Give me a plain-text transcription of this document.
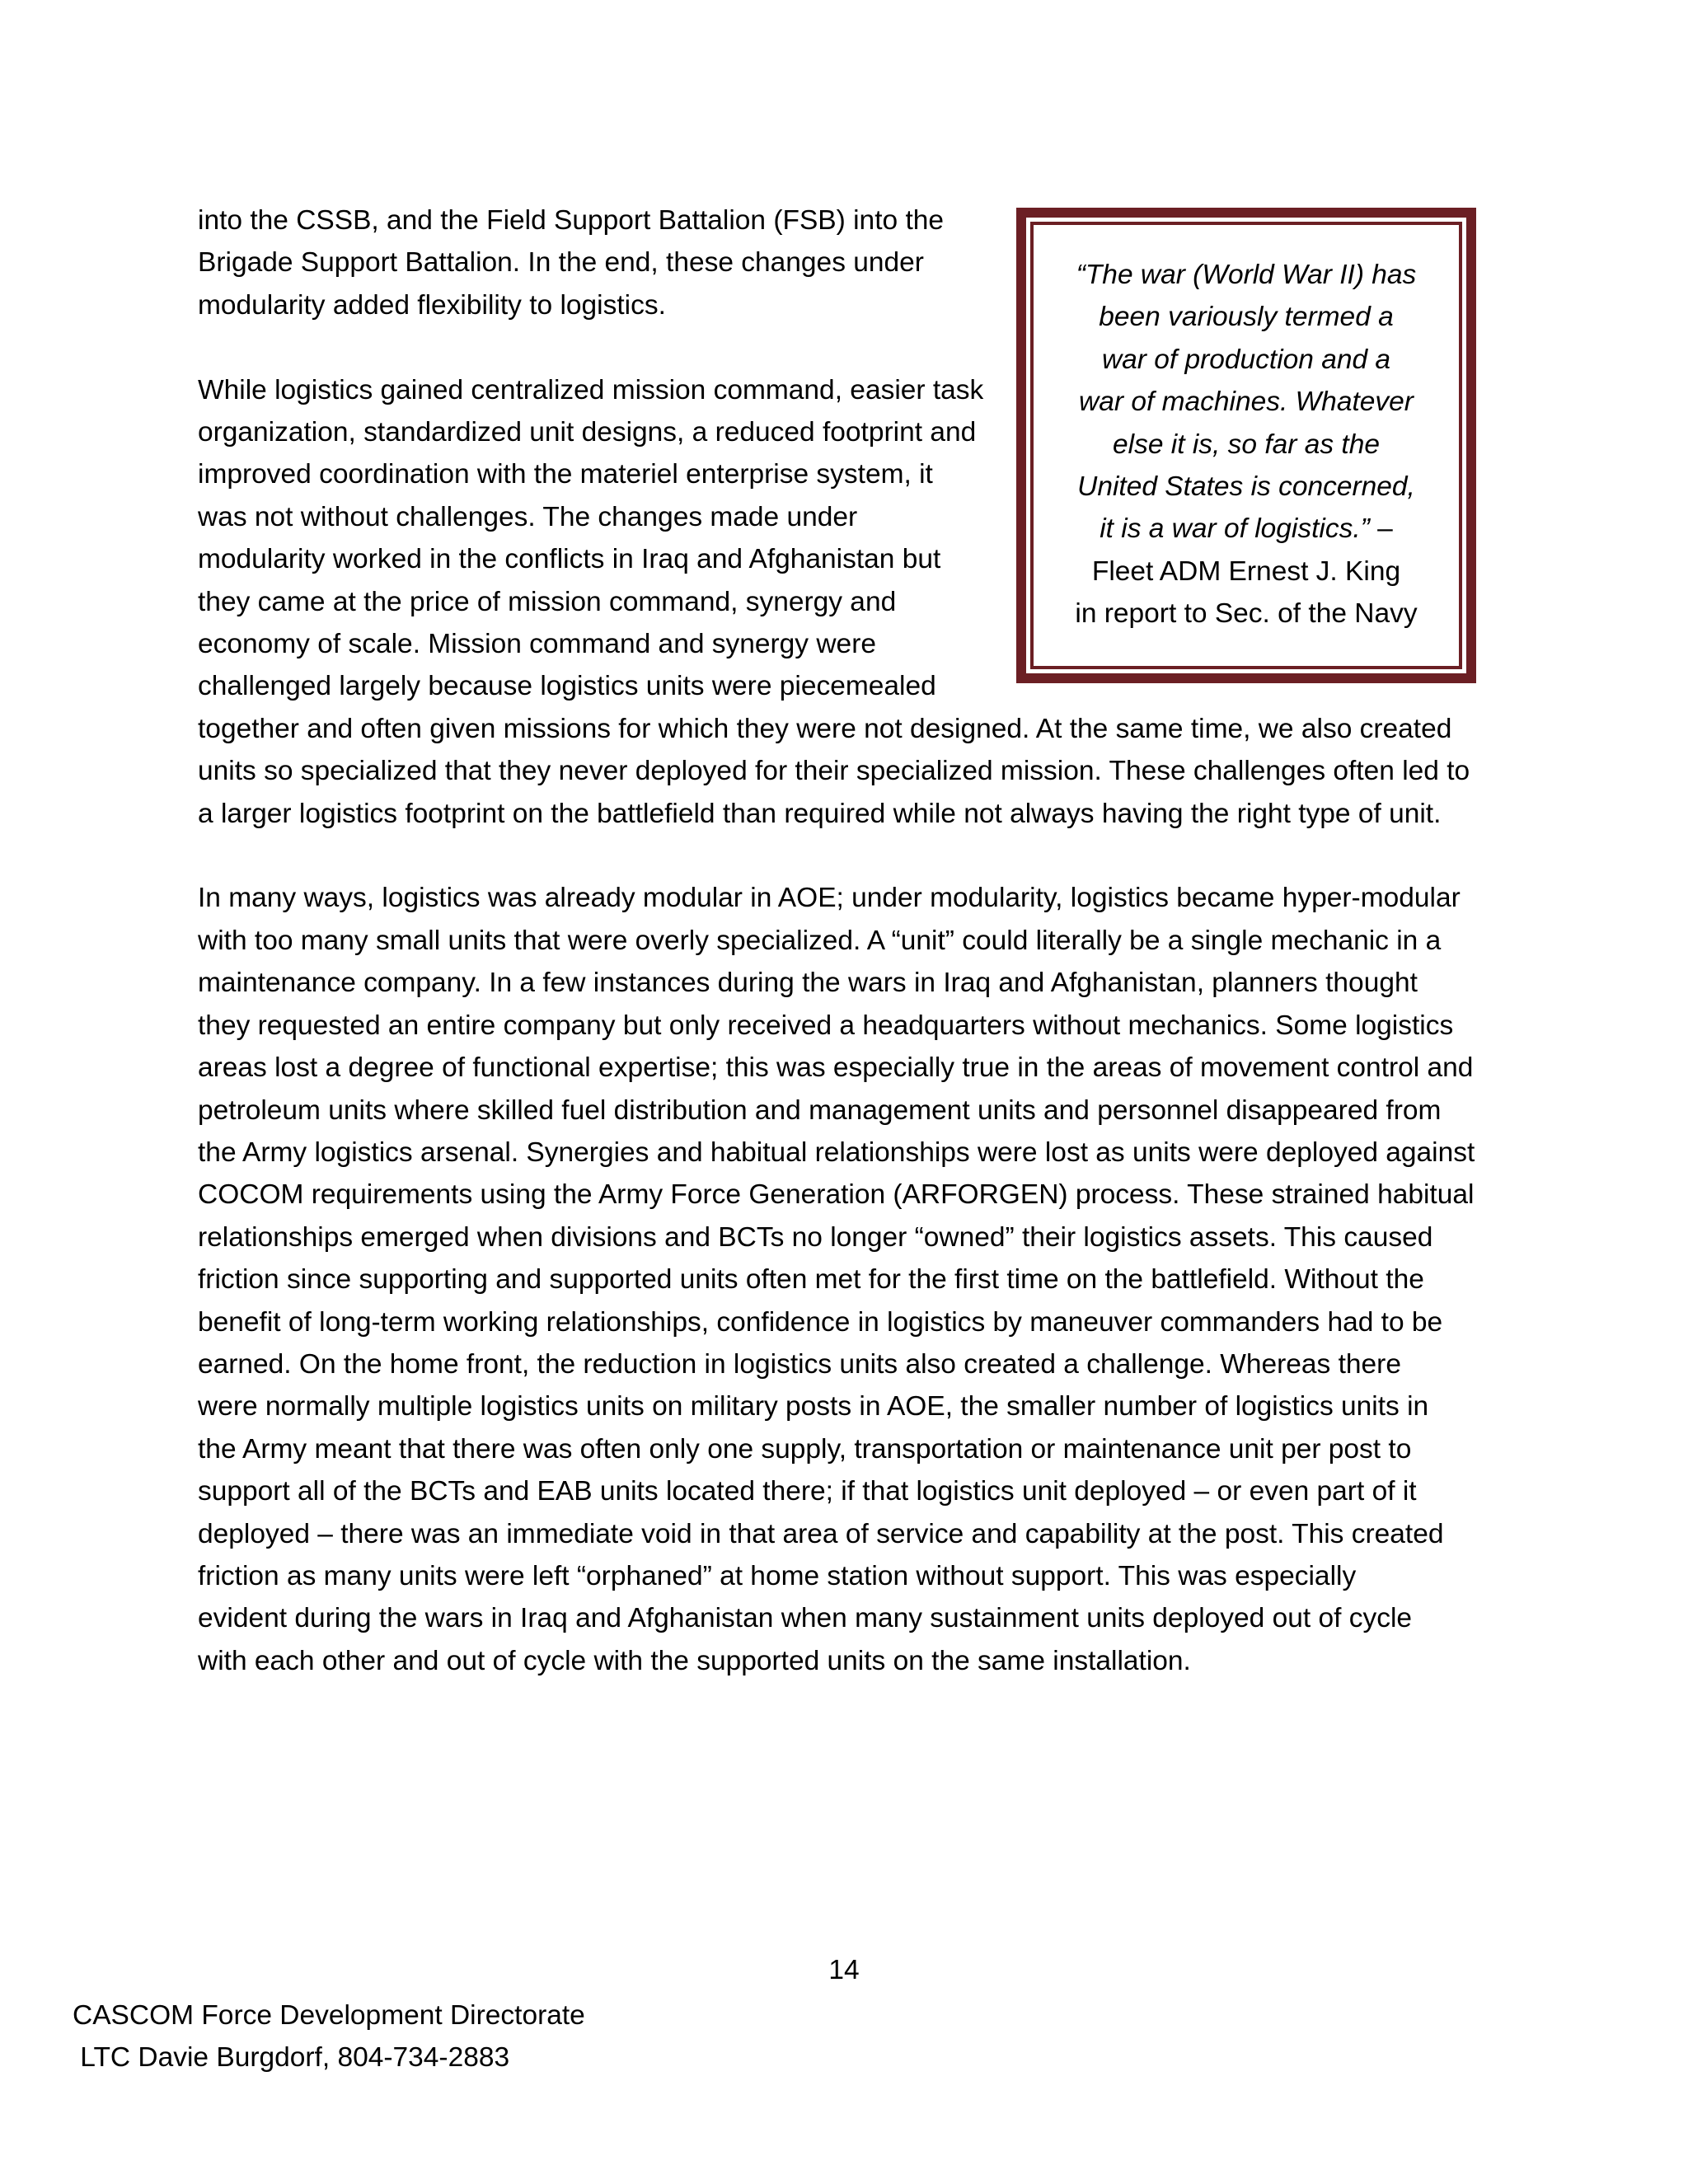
into the CSSB, and the Field Support Battalion (FSB) into the

Brigade Support Battalion. In the end, these changes under

modularity added flexibility to logistics.

While logistics gained centralized mission command, easier task

organization, standardized unit designs, a reduced footprint and

improved coordination with the materiel enterprise system, it

was not without challenges. The changes made under

modularity worked in the conflicts in Iraq and Afghanistan but

they came at the price of mission command, synergy and

economy of scale. Mission command and synergy were

challenged largely because logistics units were piecemealed

together and often given missions for which they were not designed. At the same time, we also created

units so specialized that they never deployed for their specialized mission. These challenges often led to

a larger logistics footprint on the battlefield than required while not always having the right type of unit.

In many ways, logistics was already modular in AOE; under modularity, logistics became hyper-modular

with too many small units that were overly specialized. A “unit” could literally be a single mechanic in a

maintenance company. In a few instances during the wars in Iraq and Afghanistan, planners thought

they requested an entire company but only received a headquarters without mechanics. Some logistics

areas lost a degree of functional expertise; this was especially true in the areas of movement control and

petroleum units where skilled fuel distribution and management units and personnel disappeared from

the Army logistics arsenal. Synergies and habitual relationships were lost as units were deployed against

COCOM requirements using the Army Force Generation (ARFORGEN) process. These strained habitual

relationships emerged when divisions and BCTs no longer “owned” their logistics assets. This caused

friction since supporting and supported units often met for the first time on the battlefield. Without the

benefit of long-term working relationships, confidence in logistics by maneuver commanders had to be

earned. On the home front, the reduction in logistics units also created a challenge. Whereas there

were normally multiple logistics units on military posts in AOE, the smaller number of logistics units in

the Army meant that there was often only one supply, transportation or maintenance unit per post to

support all of the BCTs and EAB units located there; if that logistics unit deployed – or even part of it

deployed – there was an immediate void in that area of service and capability at the post. This created

friction as many units were left “orphaned” at home station without support. This was especially

evident during the wars in Iraq and Afghanistan when many sustainment units deployed out of cycle

with each other and out of cycle with the supported units on the same installation.

“The war (World War II) has
been variously termed a
war of production and a
war of machines. Whatever
else it is, so far as the
United States is concerned,
it is a war of logistics.” –
Fleet ADM Ernest J. King
in report to Sec. of the Navy
14
CASCOM Force Development Directorate
LTC Davie Burgdorf, 804-734-2883
